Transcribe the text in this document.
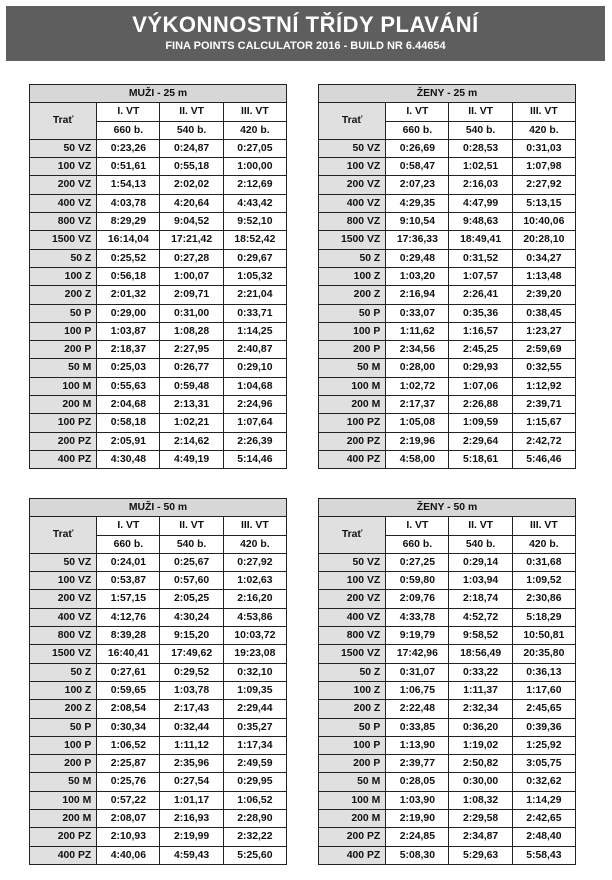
VÝKONNOSTNÍ TŘÍDY PLAVÁNÍ
FINA POINTS CALCULATOR 2016 - BUILD NR 6.44654
MUŽI - 25 m			
Trať	I. VT	II. VT	III. VT
	660 b.	540 b.	420 b.
50 VZ	0:23,26	0:24,87	0:27,05
100 VZ	0:51,61	0:55,18	1:00,00
200 VZ	1:54,13	2:02,02	2:12,69
400 VZ	4:03,78	4:20,64	4:43,42
800 VZ	8:29,29	9:04,52	9:52,10
1500 VZ	16:14,04	17:21,42	18:52,42
50 Z	0:25,52	0:27,28	0:29,67
100 Z	0:56,18	1:00,07	1:05,32
200 Z	2:01,32	2:09,71	2:21,04
50 P	0:29,00	0:31,00	0:33,71
100 P	1:03,87	1:08,28	1:14,25
200 P	2:18,37	2:27,95	2:40,87
50 M	0:25,03	0:26,77	0:29,10
100 M	0:55,63	0:59,48	1:04,68
200 M	2:04,68	2:13,31	2:24,96
100 PZ	0:58,18	1:02,21	1:07,64
200 PZ	2:05,91	2:14,62	2:26,39
400 PZ	4:30,48	4:49,19	5:14,46
ŽENY - 25 m			
Trať	I. VT	II. VT	III. VT
	660 b.	540 b.	420 b.
50 VZ	0:26,69	0:28,53	0:31,03
100 VZ	0:58,47	1:02,51	1:07,98
200 VZ	2:07,23	2:16,03	2:27,92
400 VZ	4:29,35	4:47,99	5:13,15
800 VZ	9:10,54	9:48,63	10:40,06
1500 VZ	17:36,33	18:49,41	20:28,10
50 Z	0:29,48	0:31,52	0:34,27
100 Z	1:03,20	1:07,57	1:13,48
200 Z	2:16,94	2:26,41	2:39,20
50 P	0:33,07	0:35,36	0:38,45
100 P	1:11,62	1:16,57	1:23,27
200 P	2:34,56	2:45,25	2:59,69
50 M	0:28,00	0:29,93	0:32,55
100 M	1:02,72	1:07,06	1:12,92
200 M	2:17,37	2:26,88	2:39,71
100 PZ	1:05,08	1:09,59	1:15,67
200 PZ	2:19,96	2:29,64	2:42,72
400 PZ	4:58,00	5:18,61	5:46,46
MUŽI - 50 m			
Trať	I. VT	II. VT	III. VT
	660 b.	540 b.	420 b.
50 VZ	0:24,01	0:25,67	0:27,92
100 VZ	0:53,87	0:57,60	1:02,63
200 VZ	1:57,15	2:05,25	2:16,20
400 VZ	4:12,76	4:30,24	4:53,86
800 VZ	8:39,28	9:15,20	10:03,72
1500 VZ	16:40,41	17:49,62	19:23,08
50 Z	0:27,61	0:29,52	0:32,10
100 Z	0:59,65	1:03,78	1:09,35
200 Z	2:08,54	2:17,43	2:29,44
50 P	0:30,34	0:32,44	0:35,27
100 P	1:06,52	1:11,12	1:17,34
200 P	2:25,87	2:35,96	2:49,59
50 M	0:25,76	0:27,54	0:29,95
100 M	0:57,22	1:01,17	1:06,52
200 M	2:08,07	2:16,93	2:28,90
200 PZ	2:10,93	2:19,99	2:32,22
400 PZ	4:40,06	4:59,43	5:25,60
ŽENY - 50 m			
Trať	I. VT	II. VT	III. VT
	660 b.	540 b.	420 b.
50 VZ	0:27,25	0:29,14	0:31,68
100 VZ	0:59,80	1:03,94	1:09,52
200 VZ	2:09,76	2:18,74	2:30,86
400 VZ	4:33,78	4:52,72	5:18,29
800 VZ	9:19,79	9:58,52	10:50,81
1500 VZ	17:42,96	18:56,49	20:35,80
50 Z	0:31,07	0:33,22	0:36,13
100 Z	1:06,75	1:11,37	1:17,60
200 Z	2:22,48	2:32,34	2:45,65
50 P	0:33,85	0:36,20	0:39,36
100 P	1:13,90	1:19,02	1:25,92
200 P	2:39,77	2:50,82	3:05,75
50 M	0:28,05	0:30,00	0:32,62
100 M	1:03,90	1:08,32	1:14,29
200 M	2:19,90	2:29,58	2:42,65
200 PZ	2:24,85	2:34,87	2:48,40
400 PZ	5:08,30	5:29,63	5:58,43
